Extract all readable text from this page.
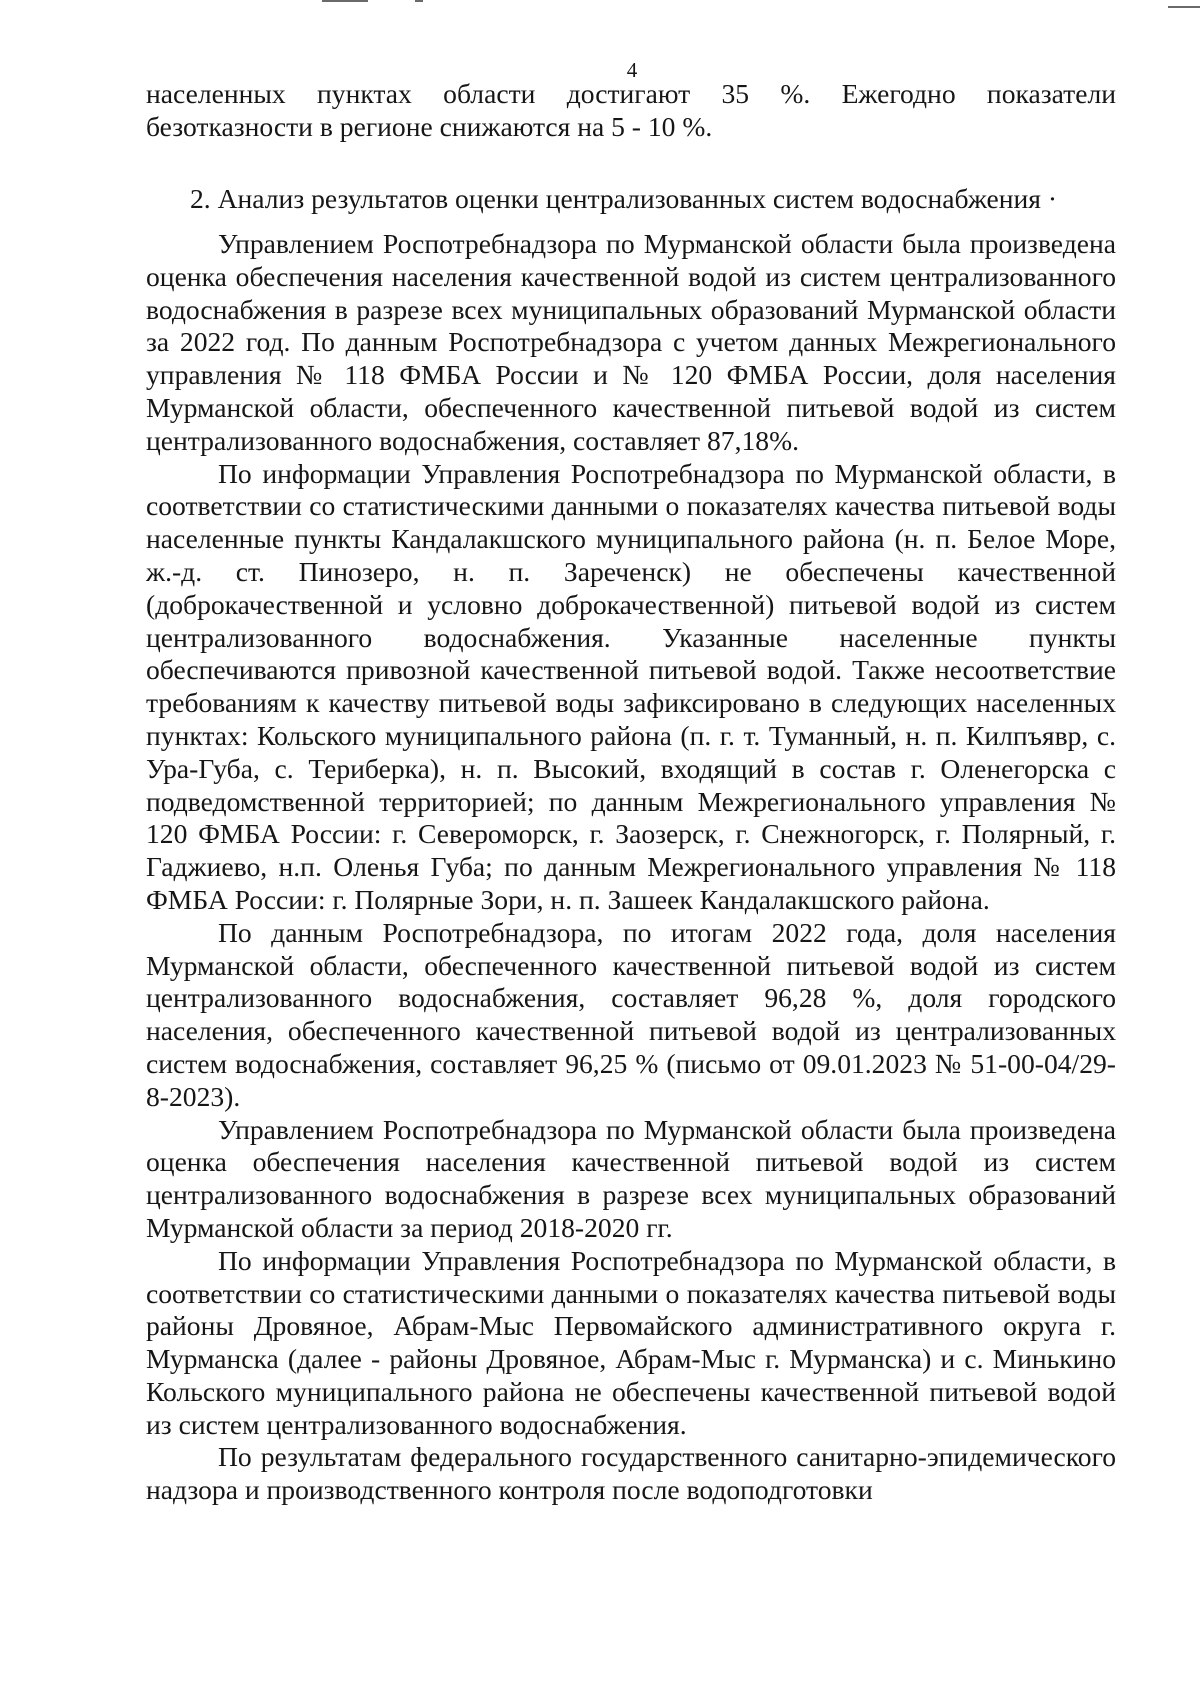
4

населенных пунктах области достигают 35 %. Ежегодно показатели безотказности в регионе снижаются на 5 - 10 %.

2. Анализ результатов оценки централизованных систем водоснабжения ·

Управлением Роспотребнадзора по Мурманской области была произведена оценка обеспечения населения качественной водой из систем централизованного водоснабжения в разрезе всех муниципальных образований Мурманской области за 2022 год. По данным Роспотребнадзора с учетом данных Межрегионального управления № 118 ФМБА России и № 120 ФМБА России, доля населения Мурманской области, обеспеченного качественной питьевой водой из систем централизованного водоснабжения, составляет 87,18%.

По информации Управления Роспотребнадзора по Мурманской области, в соответствии со статистическими данными о показателях качества питьевой воды населенные пункты Кандалакшского муниципального района (н. п. Белое Море, ж.-д. ст. Пинозеро, н. п. Зареченск) не обеспечены качественной (доброкачественной и условно доброкачественной) питьевой водой из систем централизованного водоснабжения. Указанные населенные пункты обеспечиваются привозной качественной питьевой водой. Также несоответствие требованиям к качеству питьевой воды зафиксировано в следующих населенных пунктах: Кольского муниципального района (п. г. т. Туманный, н. п. Килпъявр, с. Ура-Губа, с. Териберка), н. п. Высокий, входящий в состав г. Оленегорска с подведомственной территорией; по данным Межрегионального управления № 120 ФМБА России: г. Североморск, г. Заозерск, г. Снежногорск, г. Полярный, г. Гаджиево, н.п. Оленья Губа; по данным Межрегионального управления № 118 ФМБА России: г. Полярные Зори, н. п. Зашеек Кандалакшского района.

По данным Роспотребнадзора, по итогам 2022 года, доля населения Мурманской области, обеспеченного качественной питьевой водой из систем централизованного водоснабжения, составляет 96,28 %, доля городского населения, обеспеченного качественной питьевой водой из централизованных систем водоснабжения, составляет 96,25 % (письмо от 09.01.2023 № 51-00-04/29-8-2023).

Управлением Роспотребнадзора по Мурманской области была произведена оценка обеспечения населения качественной питьевой водой из систем централизованного водоснабжения в разрезе всех муниципальных образований Мурманской области за период 2018-2020 гг.

По информации Управления Роспотребнадзора по Мурманской области, в соответствии со статистическими данными о показателях качества питьевой воды районы Дровяное, Абрам-Мыс Первомайского административного округа г. Мурманска (далее - районы Дровяное, Абрам-Мыс г. Мурманска) и с. Минькино Кольского муниципального района не обеспечены качественной питьевой водой из систем централизованного водоснабжения.

По результатам федерального государственного санитарно-эпидемического надзора и производственного контроля после водоподготовки
